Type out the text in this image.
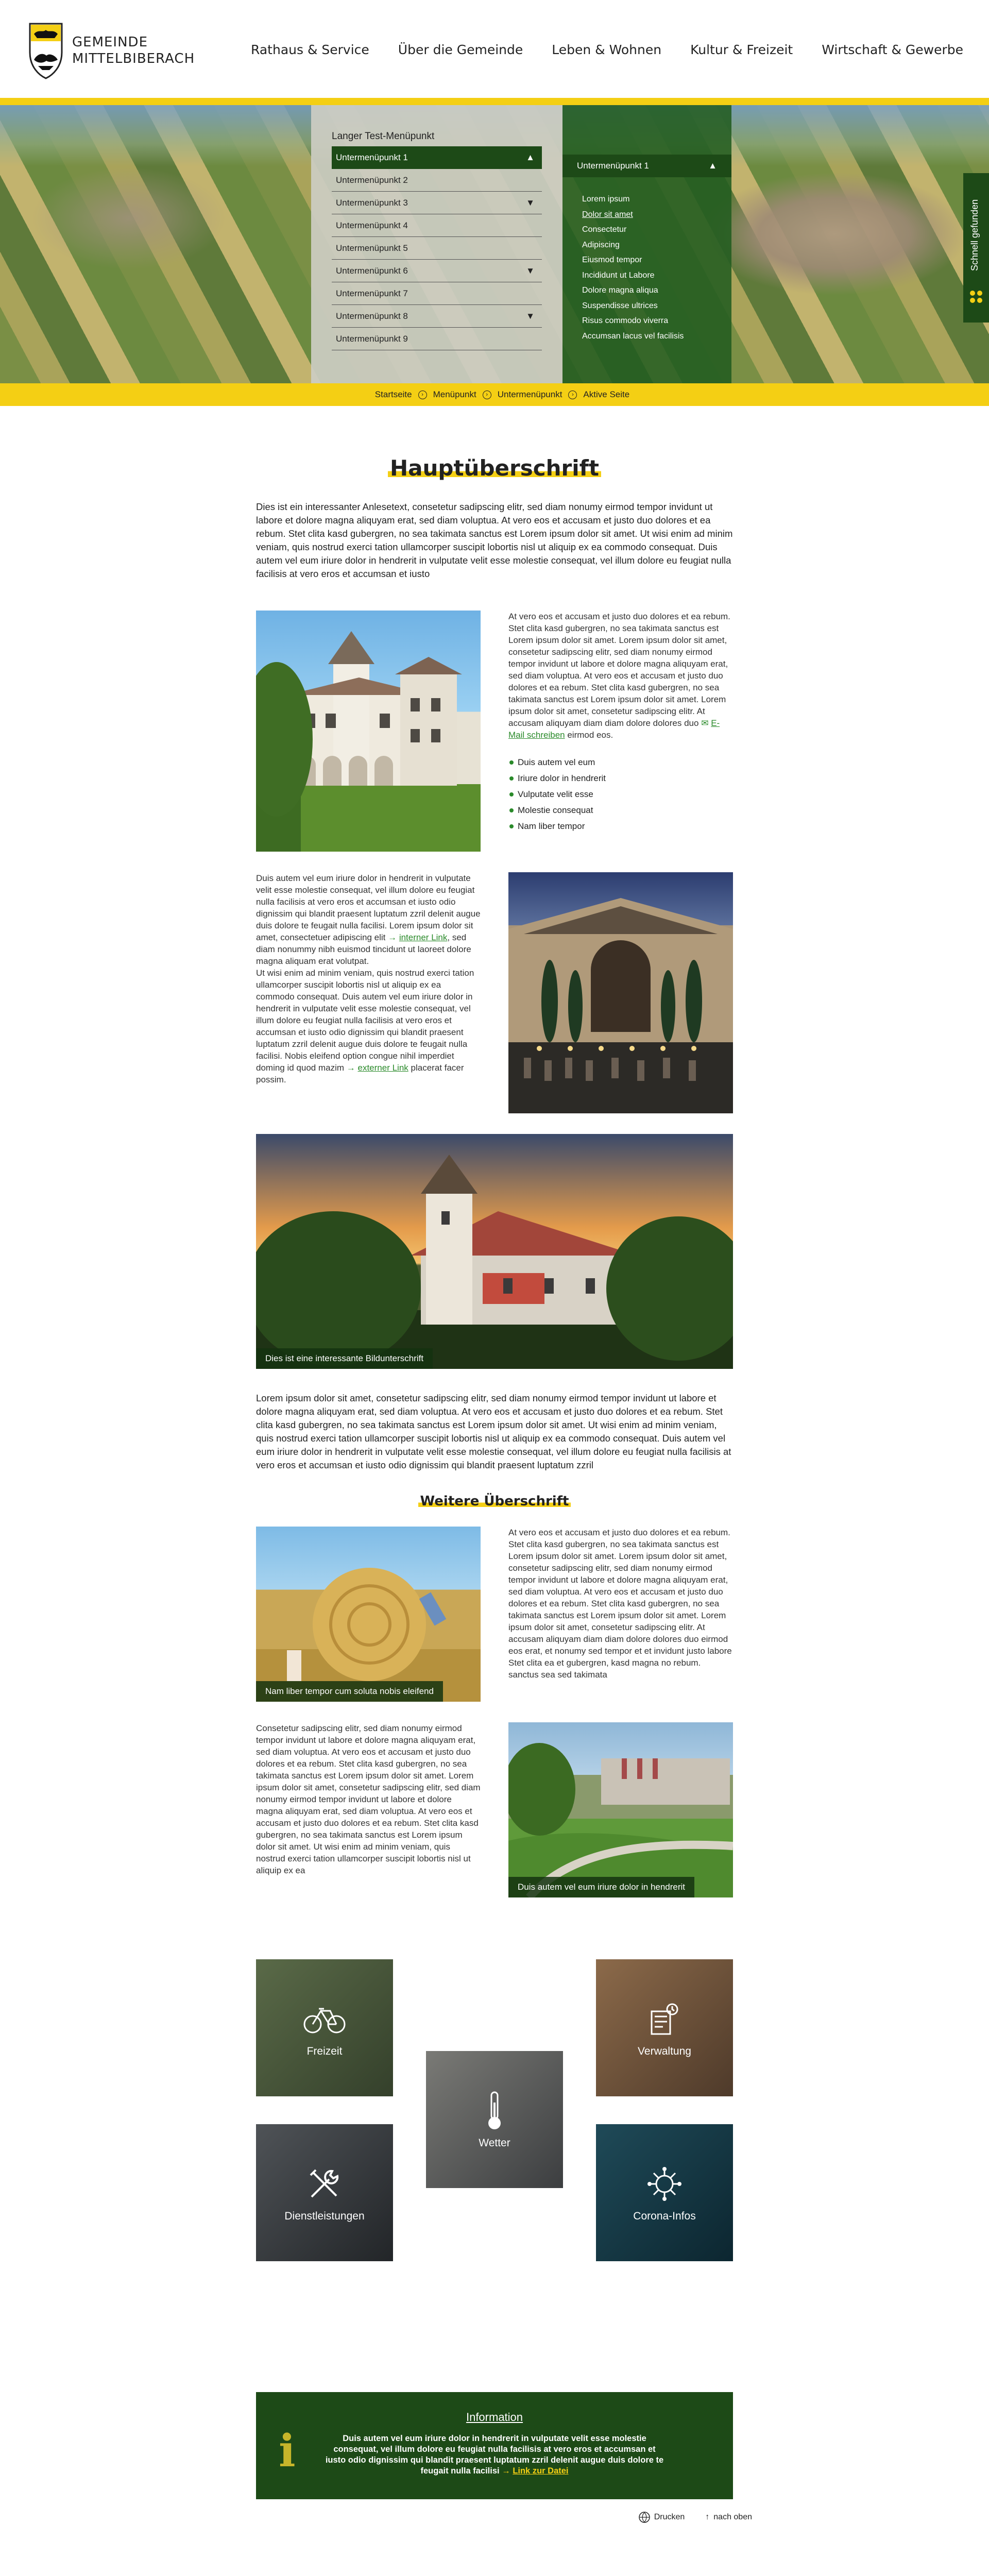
GEMEINDE
MITTELBIBERACH
Rathaus & Service Über die Gemeinde Leben & Wohnen Kultur & Freizeit Wirtschaft & Gewerbe
Langer Test-Menüpunkt
Untermenüpunkt 1	▲
Untermenüpunkt 2
Untermenüpunkt 3	▼
Untermenüpunkt 4
Untermenüpunkt 5
Untermenüpunkt 6	▼
Untermenüpunkt 7
Untermenüpunkt 8	▼
Untermenüpunkt 9
Untermenüpunkt 1	▲
Lorem ipsum
Dolor sit amet
Consectetur
Adipiscing
Eiusmod tempor
Incididunt ut Labore
Dolore magna aliqua
Suspendisse ultrices
Risus commodo viverra
Accumsan lacus vel facilisis
Schnell gefunden
Startseite	›	Menüpunkt	›	Untermenüpunkt	›	Aktive Seite
Hauptüberschrift

Dies ist ein interessanter Anlesetext, consetetur sadipscing elitr, sed diam nonumy eirmod tempor invidunt ut labore et dolore magna aliquyam erat, sed diam voluptua. At vero eos et accusam et justo duo dolores et ea rebum. Stet clita kasd gubergren, no sea takimata sanctus est Lorem ipsum dolor sit amet. Ut wisi enim ad minim veniam, quis nostrud exerci tation ullamcorper suscipit lobortis nisl ut aliquip ex ea commodo consequat. Duis autem vel eum iriure dolor in hendrerit in vulputate velit esse molestie consequat, vel illum dolore eu feugiat nulla facilisis at vero eros et accumsan et iusto

At vero eos et accusam et justo duo dolores et ea rebum. Stet clita kasd gubergren, no sea takimata sanctus est Lorem ipsum dolor sit amet. Lorem ipsum dolor sit amet, consetetur sadipscing elitr, sed diam nonumy eirmod tempor invidunt ut labore et dolore magna aliquyam erat, sed diam voluptua. At vero eos et accusam et justo duo dolores et ea rebum. Stet clita kasd gubergren, no sea takimata sanctus est Lorem ipsum dolor sit amet. Lorem ipsum dolor sit amet, consetetur sadipscing elitr. At accusam aliquyam diam diam dolore dolores duo ✉ E-Mail schreiben eirmod eos.

Duis autem vel eum
Iriure dolor in hendrerit
Vulputate velit esse
Molestie consequat
Nam liber tempor

Duis autem vel eum iriure dolor in hendrerit in vulputate velit esse molestie consequat, vel illum dolore eu feugiat nulla facilisis at vero eros et accumsan et iusto odio dignissim qui blandit praesent luptatum zzril delenit augue duis dolore te feugait nulla facilisi. Lorem ipsum dolor sit amet, consectetuer adipiscing elit → interner Link, sed diam nonummy nibh euismod tincidunt ut laoreet dolore magna aliquam erat volutpat.

Ut wisi enim ad minim veniam, quis nostrud exerci tation ullamcorper suscipit lobortis nisl ut aliquip ex ea commodo consequat. Duis autem vel eum iriure dolor in hendrerit in vulputate velit esse molestie consequat, vel illum dolore eu feugiat nulla facilisis at vero eros et accumsan et iusto odio dignissim qui blandit praesent luptatum zzril delenit augue duis dolore te feugait nulla facilisi. Nobis eleifend option congue nihil imperdiet doming id quod mazim → externer Link placerat facer possim.

Dies ist eine interessante Bildunterschrift

Lorem ipsum dolor sit amet, consetetur sadipscing elitr, sed diam nonumy eirmod tempor invidunt ut labore et dolore magna aliquyam erat, sed diam voluptua. At vero eos et accusam et justo duo dolores et ea rebum. Stet clita kasd gubergren, no sea takimata sanctus est Lorem ipsum dolor sit amet. Ut wisi enim ad minim veniam, quis nostrud exerci tation ullamcorper suscipit lobortis nisl ut aliquip ex ea commodo consequat. Duis autem vel eum iriure dolor in hendrerit in vulputate velit esse molestie consequat, vel illum dolore eu feugiat nulla facilisis at vero eros et accumsan et iusto odio dignissim qui blandit praesent luptatum zzril

Weitere Überschrift
Nam liber tempor cum soluta nobis eleifend

At vero eos et accusam et justo duo dolores et ea rebum. Stet clita kasd gubergren, no sea takimata sanctus est Lorem ipsum dolor sit amet. Lorem ipsum dolor sit amet, consetetur sadipscing elitr, sed diam nonumy eirmod tempor invidunt ut labore et dolore magna aliquyam erat, sed diam voluptua. At vero eos et accusam et justo duo dolores et ea rebum. Stet clita kasd gubergren, no sea takimata sanctus est Lorem ipsum dolor sit amet. Lorem ipsum dolor sit amet, consetetur sadipscing elitr. At accusam aliquyam diam diam dolore dolores duo eirmod eos erat, et nonumy sed tempor et et invidunt justo labore Stet clita ea et gubergren, kasd magna no rebum. sanctus sea sed takimata

Consetetur sadipscing elitr, sed diam nonumy eirmod tempor invidunt ut labore et dolore magna aliquyam erat, sed diam voluptua. At vero eos et accusam et justo duo dolores et ea rebum. Stet clita kasd gubergren, no sea takimata sanctus est Lorem ipsum dolor sit amet. Lorem ipsum dolor sit amet, consetetur sadipscing elitr, sed diam nonumy eirmod tempor invidunt ut labore et dolore magna aliquyam erat, sed diam voluptua. At vero eos et accusam et justo duo dolores et ea rebum. Stet clita kasd gubergren, no sea takimata sanctus est Lorem ipsum dolor sit amet. Ut wisi enim ad minim veniam, quis nostrud exerci tation ullamcorper suscipit lobortis nisl ut aliquip ex ea

Duis autem vel eum iriure dolor in hendrerit
Freizeit	Verwaltung
Wetter
Dienstleistungen	Corona-Infos
i
Information

Duis autem vel eum iriure dolor in hendrerit in vulputate velit esse molestie consequat, vel illum dolore eu feugiat nulla facilisis at vero eros et accumsan et iusto odio dignissim qui blandit praesent luptatum zzril delenit augue duis dolore te feugait nulla facilisi → Link zur Datei

Drucken	↑ nach oben
